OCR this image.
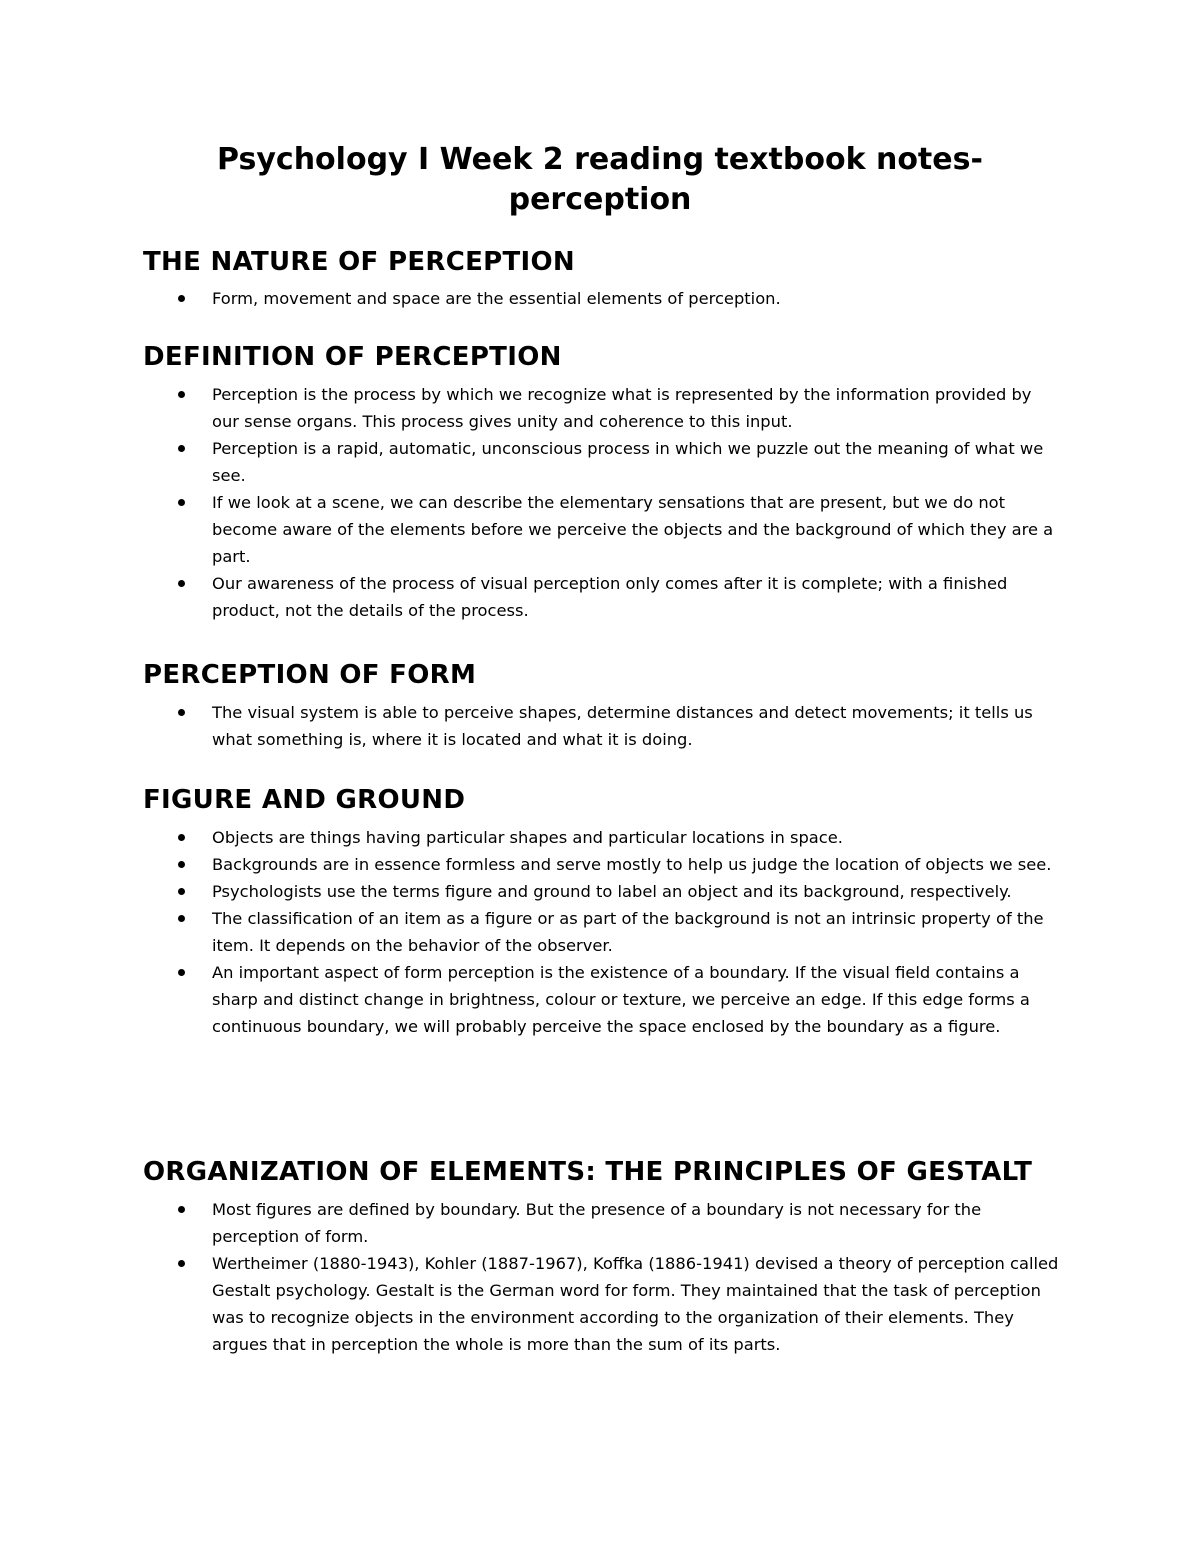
Psychology I Week 2 reading textbook notes-
perception
THE NATURE OF PERCEPTION
Form, movement and space are the essential elements of perception.
DEFINITION OF PERCEPTION
Perception is the process by which we recognize what is represented by the information provided by our sense organs. This process gives unity and coherence to this input.
Perception is a rapid, automatic, unconscious process in which we puzzle out the meaning of what we see.
If we look at a scene, we can describe the elementary sensations that are present, but we do not become aware of the elements before we perceive the objects and the background of which they are a part.
Our awareness of the process of visual perception only comes after it is complete; with a finished product, not the details of the process.
PERCEPTION OF FORM
The visual system is able to perceive shapes, determine distances and detect movements; it tells us what something is, where it is located and what it is doing.
FIGURE AND GROUND
Objects are things having particular shapes and particular locations in space.
Backgrounds are in essence formless and serve mostly to help us judge the location of objects we see.
Psychologists use the terms figure and ground to label an object and its background, respectively.
The classification of an item as a figure or as part of the background is not an intrinsic property of the item. It depends on the behavior of the observer.
An important aspect of form perception is the existence of a boundary. If the visual field contains a sharp and distinct change in brightness, colour or texture, we perceive an edge. If this edge forms a continuous boundary, we will probably perceive the space enclosed by the boundary as a figure.
ORGANIZATION OF ELEMENTS: THE PRINCIPLES OF GESTALT
Most figures are defined by boundary. But the presence of a boundary is not necessary for the perception of form.
Wertheimer (1880-1943), Kohler (1887-1967), Koffka (1886-1941) devised a theory of perception called Gestalt psychology. Gestalt is the German word for form. They maintained that the task of perception was to recognize objects in the environment according to the organization of their elements. They argues that in perception the whole is more than the sum of its parts.
